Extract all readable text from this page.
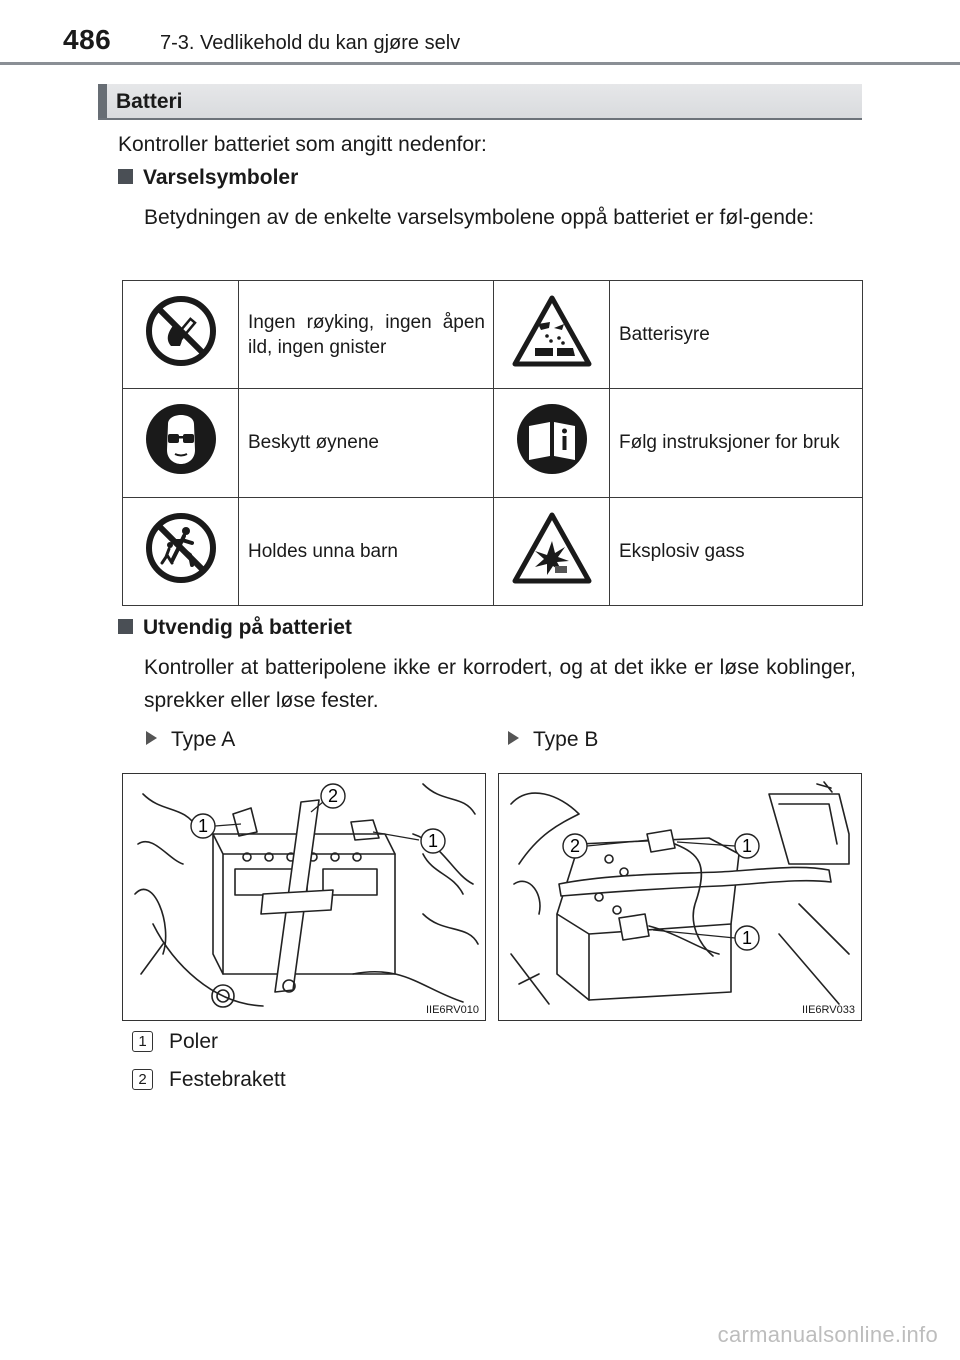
486 7-3. Vedlikehold du kan gjøre selv
Batteri
Kontroller batteriet som angitt nedenfor:
Varselsymboler
Betydningen av de enkelte varselsymbolene oppå batteriet er føl-gende:
	Ingen røyking, ingen åpen ild, ingen gnister		Batterisyre
	Beskytt øynene		Følg instruksjoner for bruk
	Holdes unna barn		Eksplosiv gass
Utvendig på batteriet
Kontroller at batteripolene ikke er korrodert, og at det ikke er løse koblinger, sprekker eller løse fester.
Type A	Type B
1
2
1
IIE6RV010
2	1
1
IIE6RV033
1 Poler
2 Festebrakett
carmanualsonline.info
